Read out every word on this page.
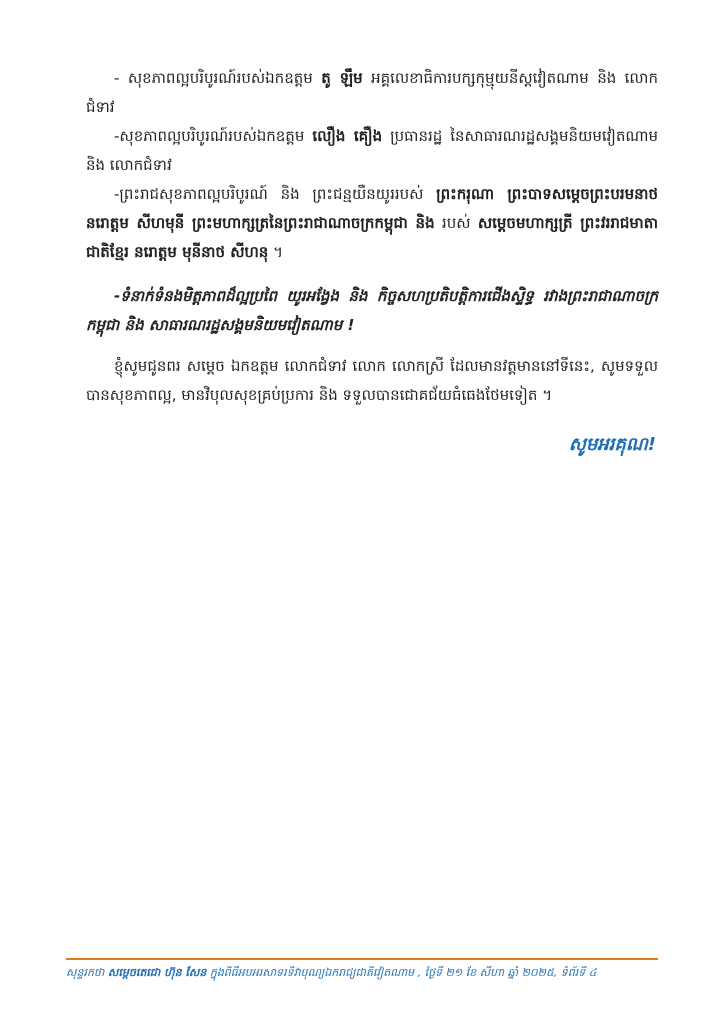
- សុខភាពល្អបរិបូរណ៍របស់ឯកឧត្តម តូ ឡឹម អគ្គលេខាធិការបក្សកុម្មុយនីស្តវៀតណាម និង លោកជំទាវ

-សុខភាពល្អបរិបូរណ៍របស់ឯកឧត្តម លឿង គឿង ប្រធានរដ្ឋ នៃសាធារណរដ្ឋសង្គមនិយមវៀតណាម និង លោកជំទាវ

-ព្រះរាជសុខភាពល្អបរិបូរណ៍ និង ព្រះជន្មយឺនយូររបស់ ព្រះករុណា ព្រះបាទសម្តេចព្រះបរមនាថ នរោត្តម សីហមុនី ព្រះមហាក្សត្រនៃព្រះរាជាណាចក្រកម្ពុជា និង របស់ សម្តេចមហាក្សត្រី ព្រះវររាជមាតាជាតិខ្មែរ នរោត្តម មុនីនាថ សីហនុ ។

-ទំនាក់ទំនងមិត្តភាពដ៏ល្អប្រពៃ យូរអង្វែង និង កិច្ចសហប្រតិបត្តិការជើងស្ទិទ្ធ រវាងព្រះរាជាណាចក្រកម្ពុជា និង សាធារណរដ្ឋសង្គមនិយមវៀតណាម !

ខ្ញុំសូមជូនពរ សម្តេច ឯកឧត្តម លោកជំទាវ លោក លោកស្រី ដែលមានវត្តមាននៅទីនេះ, សូមទទួលបានសុខភាពល្អ, មានវិបុលសុខគ្រប់ប្រការ និង ទទួលបានជោគជ័យធំធេងថែមទៀត ។

សូមអរគុណ!
សុន្ទរកថា សម្តេចតេជោ ហ៊ុន សែន ក្នុងពិធីអបអរសាទរទិវាបុណ្យឯករាជ្យជាតិវៀតណាម , ថ្ងៃទី ២១ ខែ សីហា ឆ្នាំ ២០២៥, ទំព័រទី ៤
